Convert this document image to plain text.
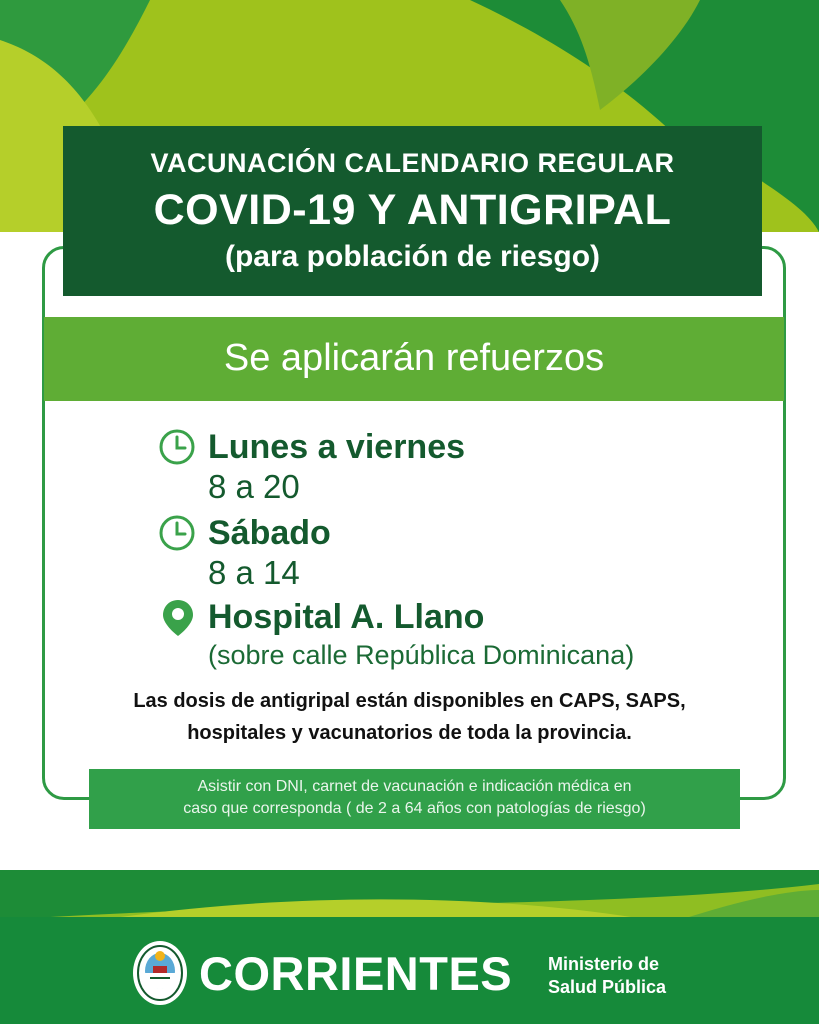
VACUNACIÓN CALENDARIO REGULAR
COVID-19 Y ANTIGRIPAL
(para población de riesgo)
Se aplicarán refuerzos
Lunes a viernes
8 a 20
Sábado
8 a 14
Hospital A. Llano
(sobre calle República Dominicana)
Las dosis de antigripal están disponibles en CAPS, SAPS,
hospitales y vacunatorios de toda la provincia.
Asistir con DNI, carnet de vacunación e indicación médica en
caso que corresponda ( de 2 a 64 años con patologías de riesgo)
CORRIENTES Ministerio de
Salud Pública
